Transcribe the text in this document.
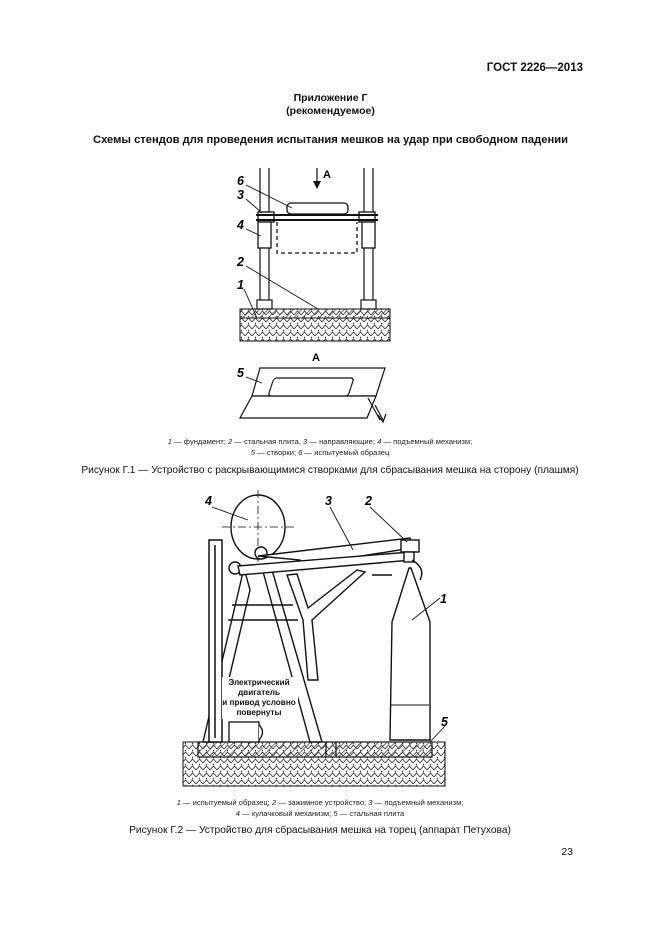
ГОСТ 2226—2013
Приложение Г
(рекомендуемое)
Схемы стендов для проведения испытания мешков на удар при свободном падении
A
6
3
4
2
1
A
5
1 — фундамент; 2 — стальная плита, 3 — направляющие; 4 — подъемный механизм;
5 — створки; 6 — испытуемый образец
Рисунок Г.1 — Устройство с раскрывающимися створками для сбрасывания мешка на сторону (плашмя)
4	3	2
1
5
Электрический
двигатель
и привод условно
повернуты
1 — испытуемый образец; 2 — зажимное устройство; 3 — подъемный механизм;
4 — кулачковый механизм; 5 — стальная плита
Рисунок Г.2 — Устройство для сбрасывания мешка на торец (аппарат Петухова)
23
